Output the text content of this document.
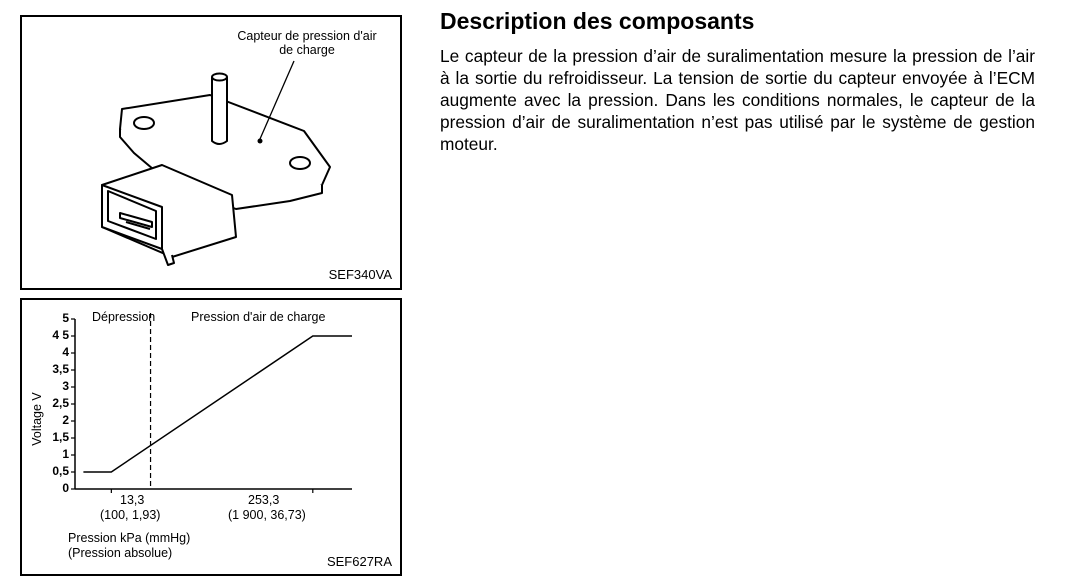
Capteur de pression d'air de charge
SEF340VA
Dépression	Pression d'air de charge
Voltage V
0
0,5
1
1,5
2
2,5
3
3,5
4
4 5
5
13,3
(100, 1,93)
253,3
(1 900, 36,73)
Pression kPa (mmHg)
(Pression absolue)
SEF627RA
Description des composants

Le capteur de la pression d’air de suralimentation mesure la pression de l’air à la sortie du refroidisseur. La tension de sortie du capteur envoyée à l’ECM augmente avec la pression. Dans les conditions normales, le capteur de la pression d’air de suralimentation n’est pas utilisé par le système de gestion moteur.
